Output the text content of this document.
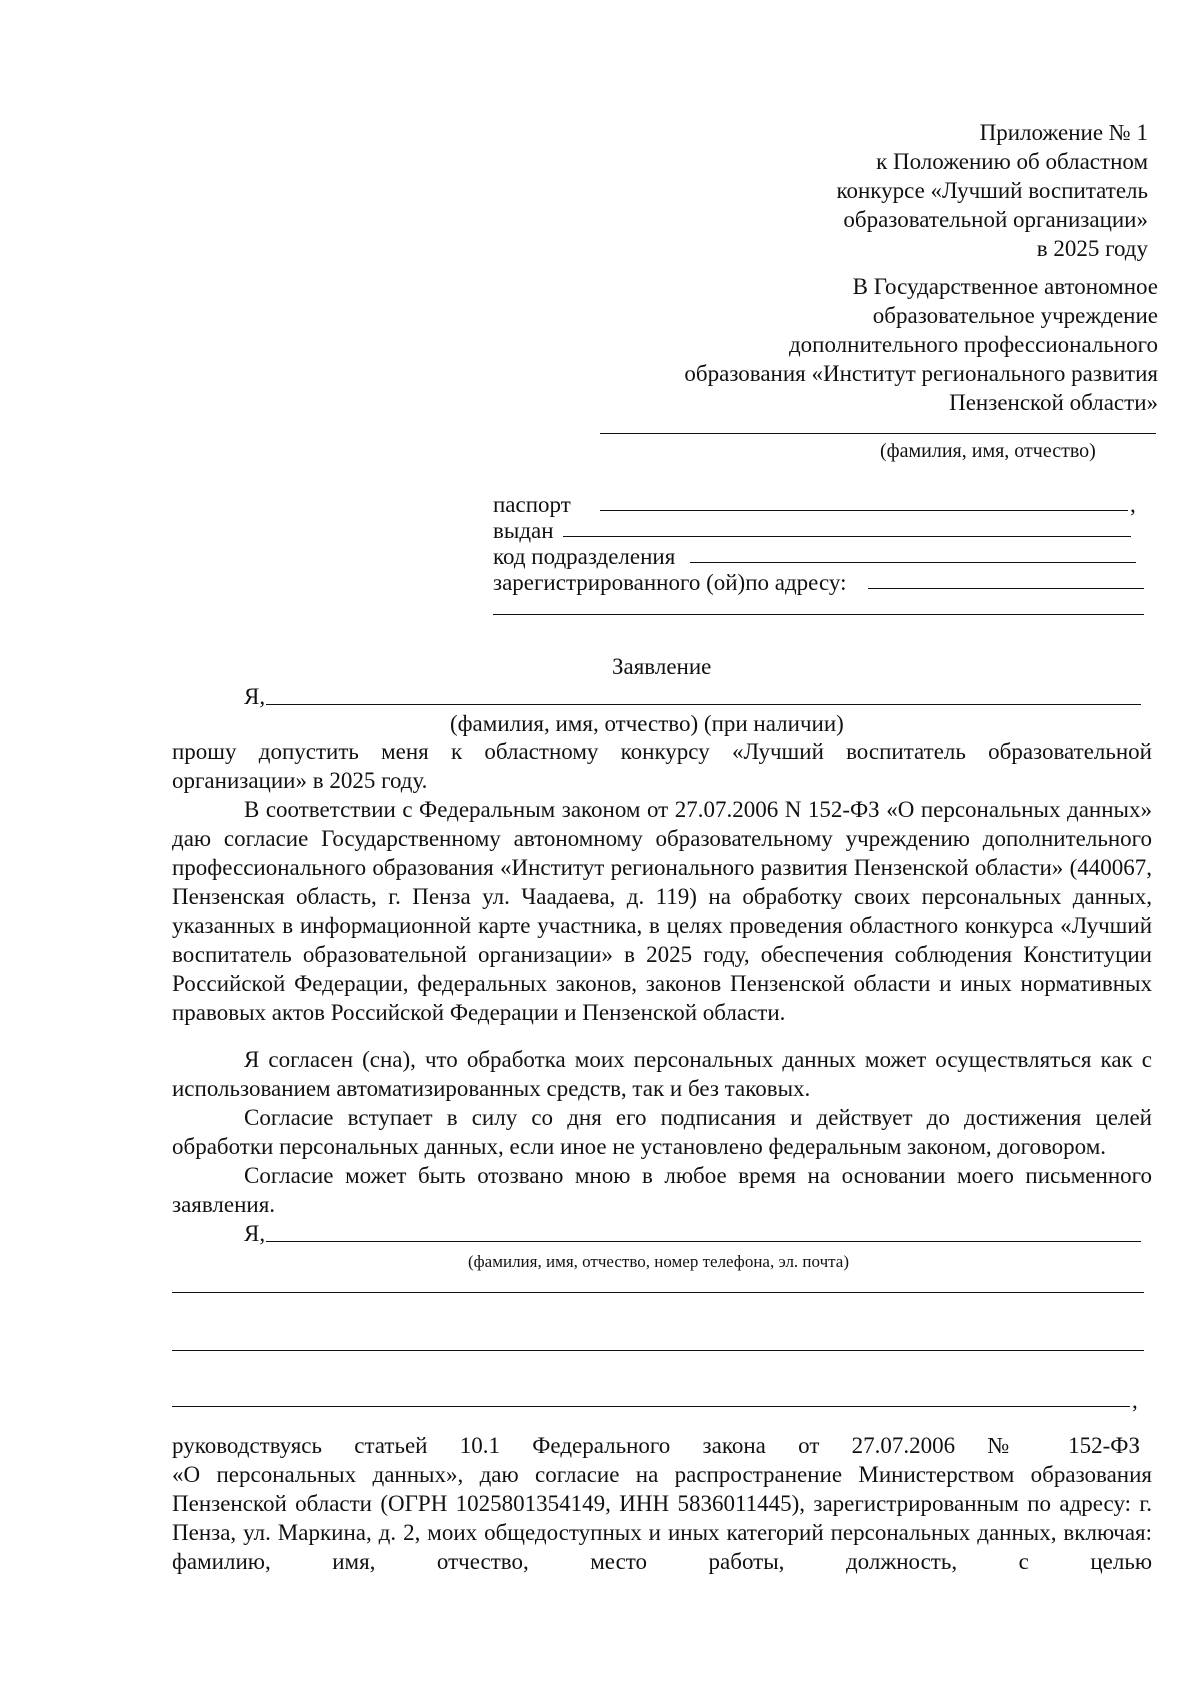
Приложение № 1
к Положению об областном
конкурсе «Лучший воспитатель
образовательной организации»
в 2025 году
В Государственное автономное
образовательное учреждение
дополнительного профессионального
образования «Институт регионального развития
Пензенской области»
(фамилия, имя, отчество)
паспорт	,
выдан
код подразделения
зарегистрированного (ой)по адресу:
Заявление
Я,
(фамилия, имя, отчество) (при наличии)
прошу допустить меня к областному конкурсу «Лучший воспитатель образовательной
организации» в 2025 году.
В соответствии с Федеральным законом от 27.07.2006 N 152-ФЗ «О персональных данных» даю согласие Государственному автономному образовательному учреждению дополнительного профессионального образования «Институт регионального развития Пензенской области» (440067, Пензенская область, г. Пенза ул. Чаадаева, д. 119) на обработку своих персональных данных, указанных в информационной карте участника, в целях проведения областного конкурса «Лучший воспитатель образовательной организации» в 2025 году, обеспечения соблюдения Конституции Российской Федерации, федеральных законов, законов Пензенской области и иных нормативных правовых актов Российской Федерации и Пензенской области.
Я согласен (сна), что обработка моих персональных данных может осуществляться как с использованием автоматизированных средств, так и без таковых.
Согласие вступает в силу со дня его подписания и действует до достижения целей обработки персональных данных, если иное не установлено федеральным законом, договором.
Согласие может быть отозвано мною в любое время на основании моего письменного заявления.
Я,
(фамилия, имя, отчество, номер телефона, эл. почта)
,
руководствуясь статьей 10.1 Федерального закона от 27.07.2006 № 152-ФЗ
«О персональных данных», даю согласие на распространение Министерством образования Пензенской области (ОГРН 1025801354149, ИНН 5836011445), зарегистрированным по адресу: г. Пенза, ул. Маркина, д. 2, моих общедоступных и иных категорий персональных данных, включая: фамилию, имя, отчество, место работы, должность, с целью
